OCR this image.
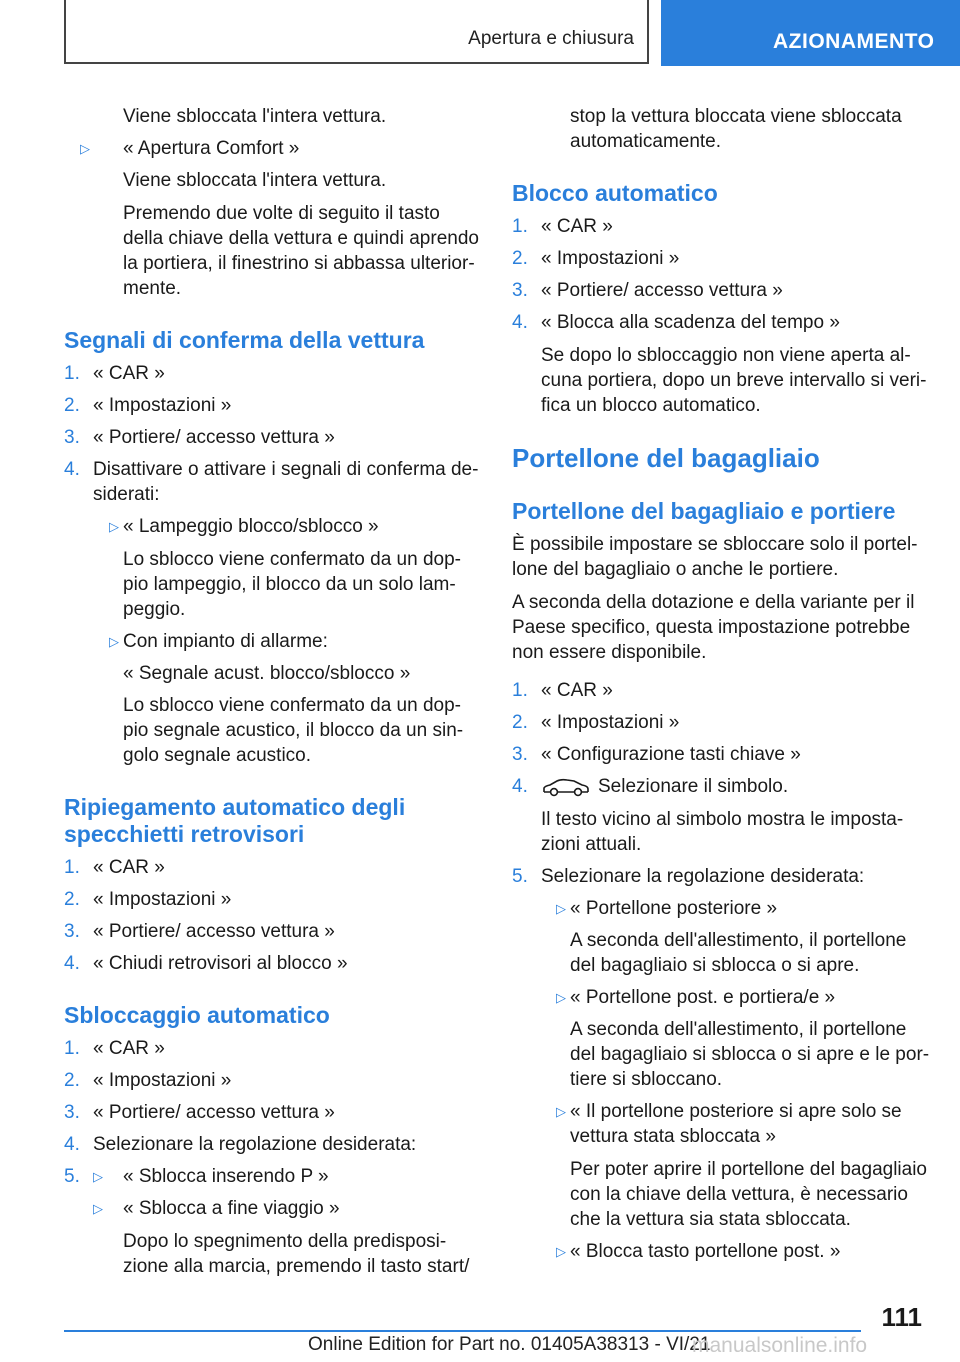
Apertura e chiusura	AZIONAMENTO
Viene sbloccata l'intera vettura.
▷ « Apertura Comfort »
Viene sbloccata l'intera vettura.
Premendo due volte di seguito il tasto
della chiave della vettura e quindi aprendo
la portiera, il finestrino si abbassa ulterior-
mente.
Segnali di conferma della vettura
1. « CAR »
2. « Impostazioni »
3. « Portiere/ accesso vettura »
4. Disattivare o attivare i segnali di conferma de-
siderati:
▷ « Lampeggio blocco/sblocco »
Lo sblocco viene confermato da un dop-
pio lampeggio, il blocco da un solo lam-
peggio.
▷ Con impianto di allarme:
« Segnale acust. blocco/sblocco »
Lo sblocco viene confermato da un dop-
pio segnale acustico, il blocco da un sin-
golo segnale acustico.
Ripiegamento automatico degli
specchietti retrovisori
1. « CAR »
2. « Impostazioni »
3. « Portiere/ accesso vettura »
4. « Chiudi retrovisori al blocco »
Sbloccaggio automatico
1. « CAR »
2. « Impostazioni »
3. « Portiere/ accesso vettura »
4. Selezionare la regolazione desiderata:
5. ▷ « Sblocca inserendo P »
▷ « Sblocca a fine viaggio »
Dopo lo spegnimento della predisposi-
zione alla marcia, premendo il tasto start/
stop la vettura bloccata viene sbloccata
automaticamente.
Blocco automatico
1. « CAR »
2. « Impostazioni »
3. « Portiere/ accesso vettura »
4. « Blocca alla scadenza del tempo »
Se dopo lo sbloccaggio non viene aperta al-
cuna portiera, dopo un breve intervallo si veri-
fica un blocco automatico.
Portellone del bagagliaio
Portellone del bagagliaio e portiere
È possibile impostare se sbloccare solo il portel-
lone del bagagliaio o anche le portiere.
A seconda della dotazione e della variante per il
Paese specifico, questa impostazione potrebbe
non essere disponibile.
1. « CAR »
2. « Impostazioni »
3. « Configurazione tasti chiave »
4.	Selezionare il simbolo.
Il testo vicino al simbolo mostra le imposta-
zioni attuali.
5. Selezionare la regolazione desiderata:
▷ « Portellone posteriore »
A seconda dell'allestimento, il portellone
del bagagliaio si sblocca o si apre.
▷ « Portellone post. e portiera/e »
A seconda dell'allestimento, il portellone
del bagagliaio si sblocca o si apre e le por-
tiere si sbloccano.
▷ « Il portellone posteriore si apre solo se
vettura stata sbloccata »
Per poter aprire il portellone del bagagliaio
con la chiave della vettura, è necessario
che la vettura sia stata sbloccata.
▷ « Blocca tasto portellone post. »
111
Online Edition for Part no. 01405A38313 - VI/21
manualsonline.info
